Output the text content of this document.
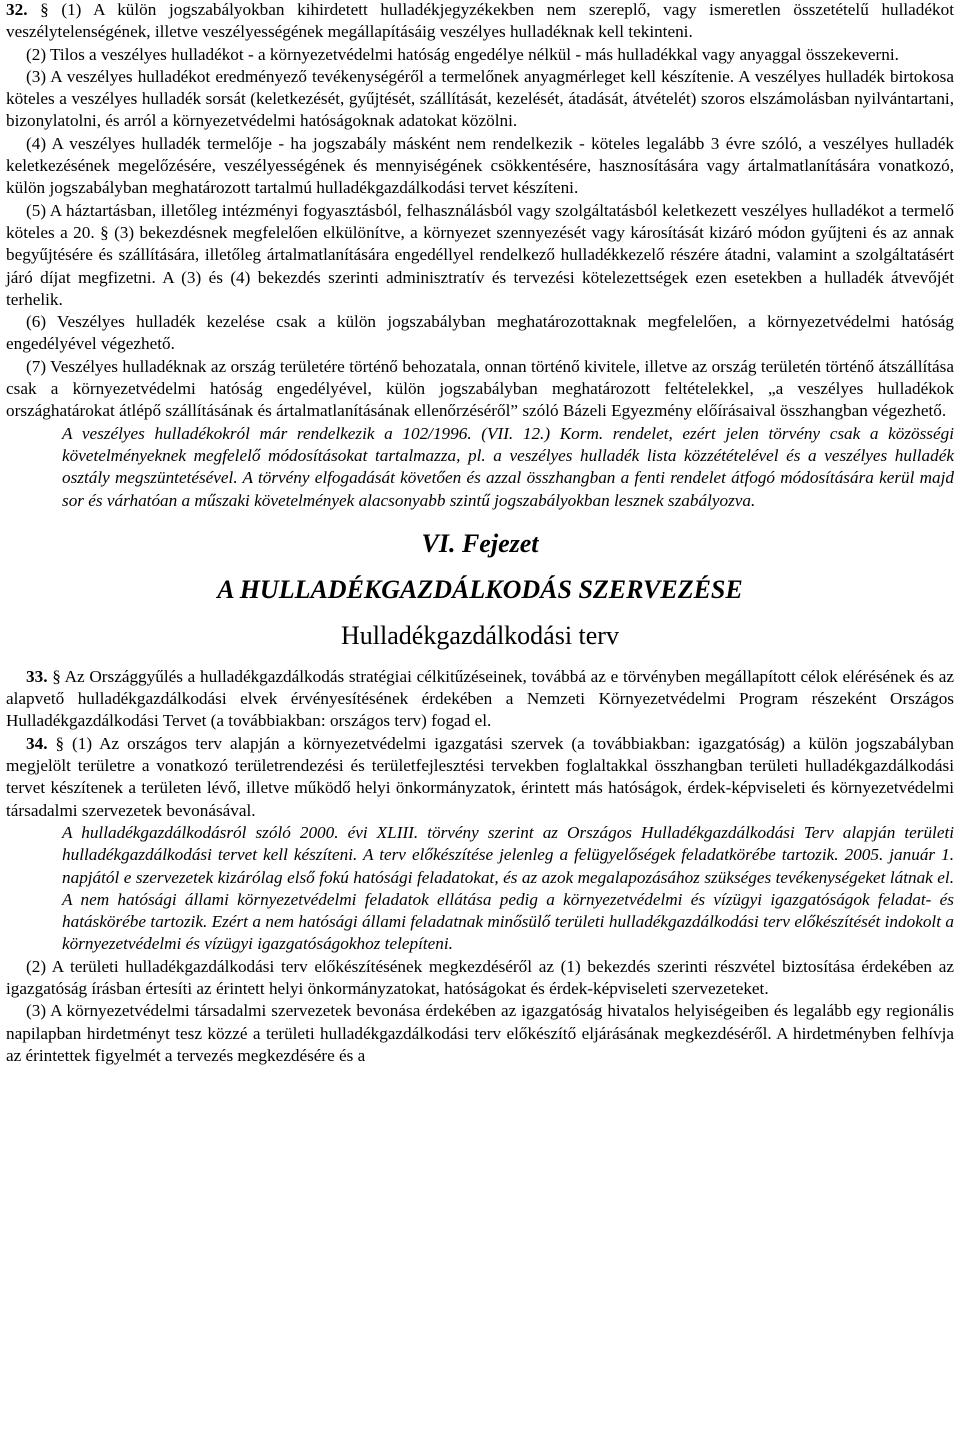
32. § (1) A külön jogszabályokban kihirdetett hulladékjegyzékekben nem szereplő, vagy ismeretlen összetételű hulladékot veszélytelenségének, illetve veszélyességének megállapításáig veszélyes hulladéknak kell tekinteni.

(2) Tilos a veszélyes hulladékot - a környezetvédelmi hatóság engedélye nélkül - más hulladékkal vagy anyaggal összekeverni.

(3) A veszélyes hulladékot eredményező tevékenységéről a termelőnek anyagmérleget kell készítenie. A veszélyes hulladék birtokosa köteles a veszélyes hulladék sorsát (keletkezését, gyűjtését, szállítását, kezelését, átadását, átvételét) szoros elszámolásban nyilvántartani, bizonylatolni, és arról a környezetvédelmi hatóságoknak adatokat közölni.

(4) A veszélyes hulladék termelője - ha jogszabály másként nem rendelkezik - köteles legalább 3 évre szóló, a veszélyes hulladék keletkezésének megelőzésére, veszélyességének és mennyiségének csökkentésére, hasznosítására vagy ártalmatlanítására vonatkozó, külön jogszabályban meghatározott tartalmú hulladékgazdálkodási tervet készíteni.

(5) A háztartásban, illetőleg intézményi fogyasztásból, felhasználásból vagy szolgáltatásból keletkezett veszélyes hulladékot a termelő köteles a 20. § (3) bekezdésnek megfelelően elkülönítve, a környezet szennyezését vagy károsítását kizáró módon gyűjteni és az annak begyűjtésére és szállítására, illetőleg ártalmatlanítására engedéllyel rendelkező hulladékkezelő részére átadni, valamint a szolgáltatásért járó díjat megfizetni. A (3) és (4) bekezdés szerinti adminisztratív és tervezési kötelezettségek ezen esetekben a hulladék átvevőjét terhelik.

(6) Veszélyes hulladék kezelése csak a külön jogszabályban meghatározottaknak megfelelően, a környezetvédelmi hatóság engedélyével végezhető.

(7) Veszélyes hulladéknak az ország területére történő behozatala, onnan történő kivitele, illetve az ország területén történő átszállítása csak a környezetvédelmi hatóság engedélyével, külön jogszabályban meghatározott feltételekkel, „a veszélyes hulladékok országhatárokat átlépő szállításának és ártalmatlanításának ellenőrzéséről” szóló Bázeli Egyezmény előírásaival összhangban végezhető.

A veszélyes hulladékokról már rendelkezik a 102/1996. (VII. 12.) Korm. rendelet, ezért jelen törvény csak a közösségi követelményeknek megfelelő módosításokat tartalmazza, pl. a veszélyes hulladék lista közzétételével és a veszélyes hulladék osztály megszüntetésével. A törvény elfogadását követően és azzal összhangban a fenti rendelet átfogó módosítására kerül majd sor és várhatóan a műszaki követelmények alacsonyabb szintű jogszabályokban lesznek szabályozva.

VI. Fejezet

A HULLADÉKGAZDÁLKODÁS SZERVEZÉSE

Hulladékgazdálkodási terv

33. § Az Országgyűlés a hulladékgazdálkodás stratégiai célkitűzéseinek, továbbá az e törvényben megállapított célok elérésének és az alapvető hulladékgazdálkodási elvek érvényesítésének érdekében a Nemzeti Környezetvédelmi Program részeként Országos Hulladékgazdálkodási Tervet (a továbbiakban: országos terv) fogad el.

34. § (1) Az országos terv alapján a környezetvédelmi igazgatási szervek (a továbbiakban: igazgatóság) a külön jogszabályban megjelölt területre a vonatkozó területrendezési és területfejlesztési tervekben foglaltakkal összhangban területi hulladékgazdálkodási tervet készítenek a területen lévő, illetve működő helyi önkormányzatok, érintett más hatóságok, érdek-képviseleti és környezetvédelmi társadalmi szervezetek bevonásával.

A hulladékgazdálkodásról szóló 2000. évi XLIII. törvény szerint az Országos Hulladékgazdálkodási Terv alapján területi hulladékgazdálkodási tervet kell készíteni. A terv előkészítése jelenleg a felügyelőségek feladatkörébe tartozik. 2005. január 1. napjától e szervezetek kizárólag első fokú hatósági feladatokat, és az azok megalapozásához szükséges tevékenységeket látnak el. A nem hatósági állami környezetvédelmi feladatok ellátása pedig a környezetvédelmi és vízügyi igazgatóságok feladat- és hatáskörébe tartozik. Ezért a nem hatósági állami feladatnak minősülő területi hulladékgazdálkodási terv előkészítését indokolt a környezetvédelmi és vízügyi igazgatóságokhoz telepíteni.

(2) A területi hulladékgazdálkodási terv előkészítésének megkezdéséről az (1) bekezdés szerinti részvétel biztosítása érdekében az igazgatóság írásban értesíti az érintett helyi önkormányzatokat, hatóságokat és érdek-képviseleti szervezeteket.

(3) A környezetvédelmi társadalmi szervezetek bevonása érdekében az igazgatóság hivatalos helyiségeiben és legalább egy regionális napilapban hirdetményt tesz közzé a területi hulladékgazdálkodási terv előkészítő eljárásának megkezdéséről. A hirdetményben felhívja az érintettek figyelmét a tervezés megkezdésére és a
